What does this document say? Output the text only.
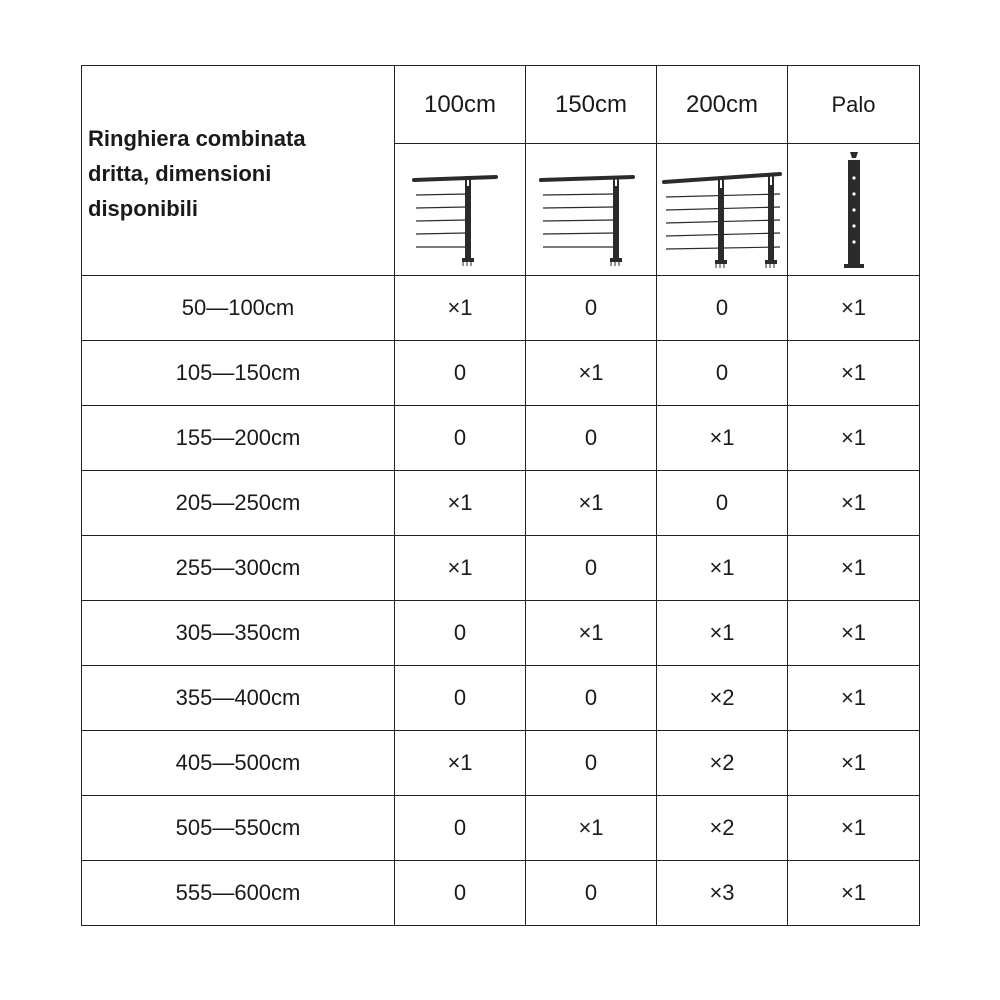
Ringhiera combinata
dritta, dimensioni
disponibili	100cm	150cm	200cm	Palo

50—100cm	×1	0	0	×1
105—150cm	0	×1	0	×1
155—200cm	0	0	×1	×1
205—250cm	×1	×1	0	×1
255—300cm	×1	0	×1	×1
305—350cm	0	×1	×1	×1
355—400cm	0	0	×2	×1
405—500cm	×1	0	×2	×1
505—550cm	0	×1	×2	×1
555—600cm	0	0	×3	×1
